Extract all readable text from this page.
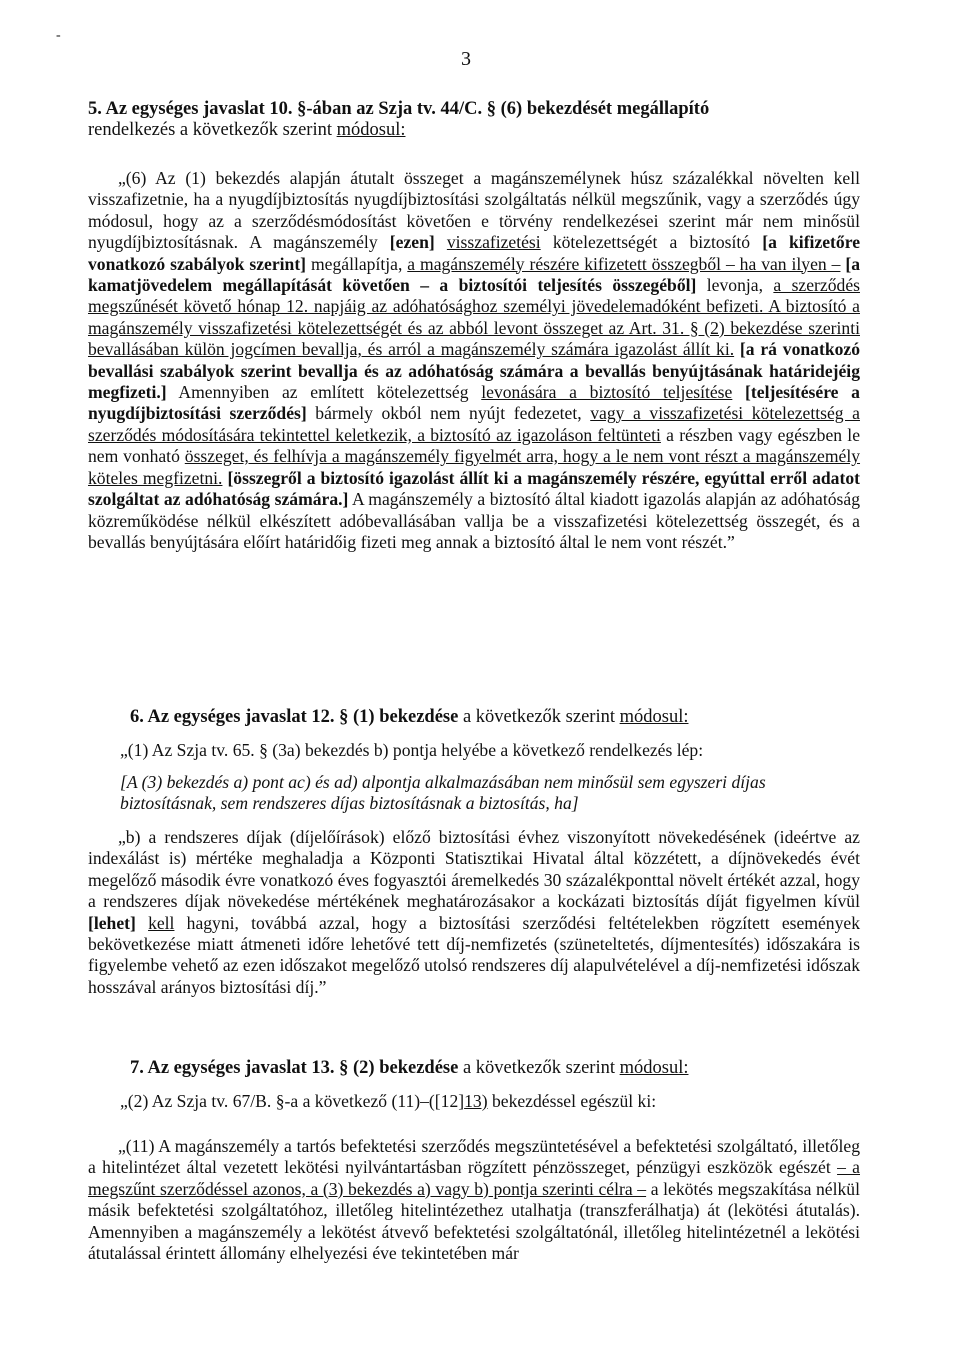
-
3
5. Az egységes javaslat 10. §-ában az Szja tv. 44/C. § (6) bekezdését megállapító
rendelkezés a következők szerint módosul:
„(6) Az (1) bekezdés alapján átutalt összeget a magánszemélynek húsz százalékkal növelten kell visszafizetnie, ha a nyugdíjbiztosítás nyugdíjbiztosítási szolgáltatás nélkül megszűnik, vagy a szerződés úgy módosul, hogy az a szerződésmódosítást követően e törvény rendelkezései szerint már nem minősül nyugdíjbiztosításnak. A magánszemély [ezen] visszafizetési kötelezettségét a biztosító [a kifizetőre vonatkozó szabályok szerint] megállapítja, a magánszemély részére kifizetett összegből – ha van ilyen – [a kamatjövedelem megállapítását követően – a biztosítói teljesítés összegéből] levonja, a szerződés megszűnését követő hónap 12. napjáig az adóhatósághoz személyi jövedelemadóként befizeti. A biztosító a magánszemély visszafizetési kötelezettségét és az abból levont összeget az Art. 31. § (2) bekezdése szerinti bevallásában külön jogcímen bevallja, és arról a magánszemély számára igazolást állít ki. [a rá vonatkozó bevallási szabályok szerint bevallja és az adóhatóság számára a bevallás benyújtásának határidejéig megfizeti.] Amennyiben az említett kötelezettség levonására a biztosító teljesítése [teljesítésére a nyugdíjbiztosítási szerződés] bármely okból nem nyújt fedezetet, vagy a visszafizetési kötelezettség a szerződés módosítására tekintettel keletkezik, a biztosító az igazoláson feltünteti a részben vagy egészben le nem vonható összeget, és felhívja a magánszemély figyelmét arra, hogy a le nem vont részt a magánszemély köteles megfizetni. [összegről a biztosító igazolást állít ki a magánszemély részére, egyúttal erről adatot szolgáltat az adóhatóság számára.] A magánszemély a biztosító által kiadott igazolás alapján az adóhatóság közreműködése nélkül elkészített adóbevallásában vallja be a visszafizetési kötelezettség összegét, és a bevallás benyújtására előírt határidőig fizeti meg annak a biztosító által le nem vont részét.”
6. Az egységes javaslat 12. § (1) bekezdése a következők szerint módosul:
„(1) Az Szja tv. 65. § (3a) bekezdés b) pontja helyébe a következő rendelkezés lép:
[A (3) bekezdés a) pont ac) és ad) alpontja alkalmazásában nem minősül sem egyszeri díjas biztosításnak, sem rendszeres díjas biztosításnak a biztosítás, ha]
„b) a rendszeres díjak (díjelőírások) előző biztosítási évhez viszonyított növekedésének (ideértve az indexálást is) mértéke meghaladja a Központi Statisztikai Hivatal által közzétett, a díjnövekedés évét megelőző második évre vonatkozó éves fogyasztói áremelkedés 30 százalékponttal növelt értékét azzal, hogy a rendszeres díjak növekedése mértékének meghatározásakor a kockázati biztosítás díját figyelmen kívül [lehet] kell hagyni, továbbá azzal, hogy a biztosítási szerződési feltételekben rögzített események bekövetkezése miatt átmeneti időre lehetővé tett díj-nemfizetés (szüneteltetés, díjmentesítés) időszakára is figyelembe vehető az ezen időszakot megelőző utolsó rendszeres díj alapulvételével a díj-nemfizetési időszak hosszával arányos biztosítási díj.”
7. Az egységes javaslat 13. § (2) bekezdése a következők szerint módosul:
„(2) Az Szja tv. 67/B. §-a a következő (11)–([12]13) bekezdéssel egészül ki:
„(11) A magánszemély a tartós befektetési szerződés megszüntetésével a befektetési szolgáltató, illetőleg a hitelintézet által vezetett lekötési nyilvántartásban rögzített pénzösszeget, pénzügyi eszközök egészét – a megszűnt szerződéssel azonos, a (3) bekezdés a) vagy b) pontja szerinti célra – a lekötés megszakítása nélkül másik befektetési szolgáltatóhoz, illetőleg hitelintézethez utalhatja (transzferálhatja) át (lekötési átutalás). Amennyiben a magánszemély a lekötést átvevő befektetési szolgáltatónál, illetőleg hitelintézetnél a lekötési átutalással érintett állomány elhelyezési éve tekintetében már
